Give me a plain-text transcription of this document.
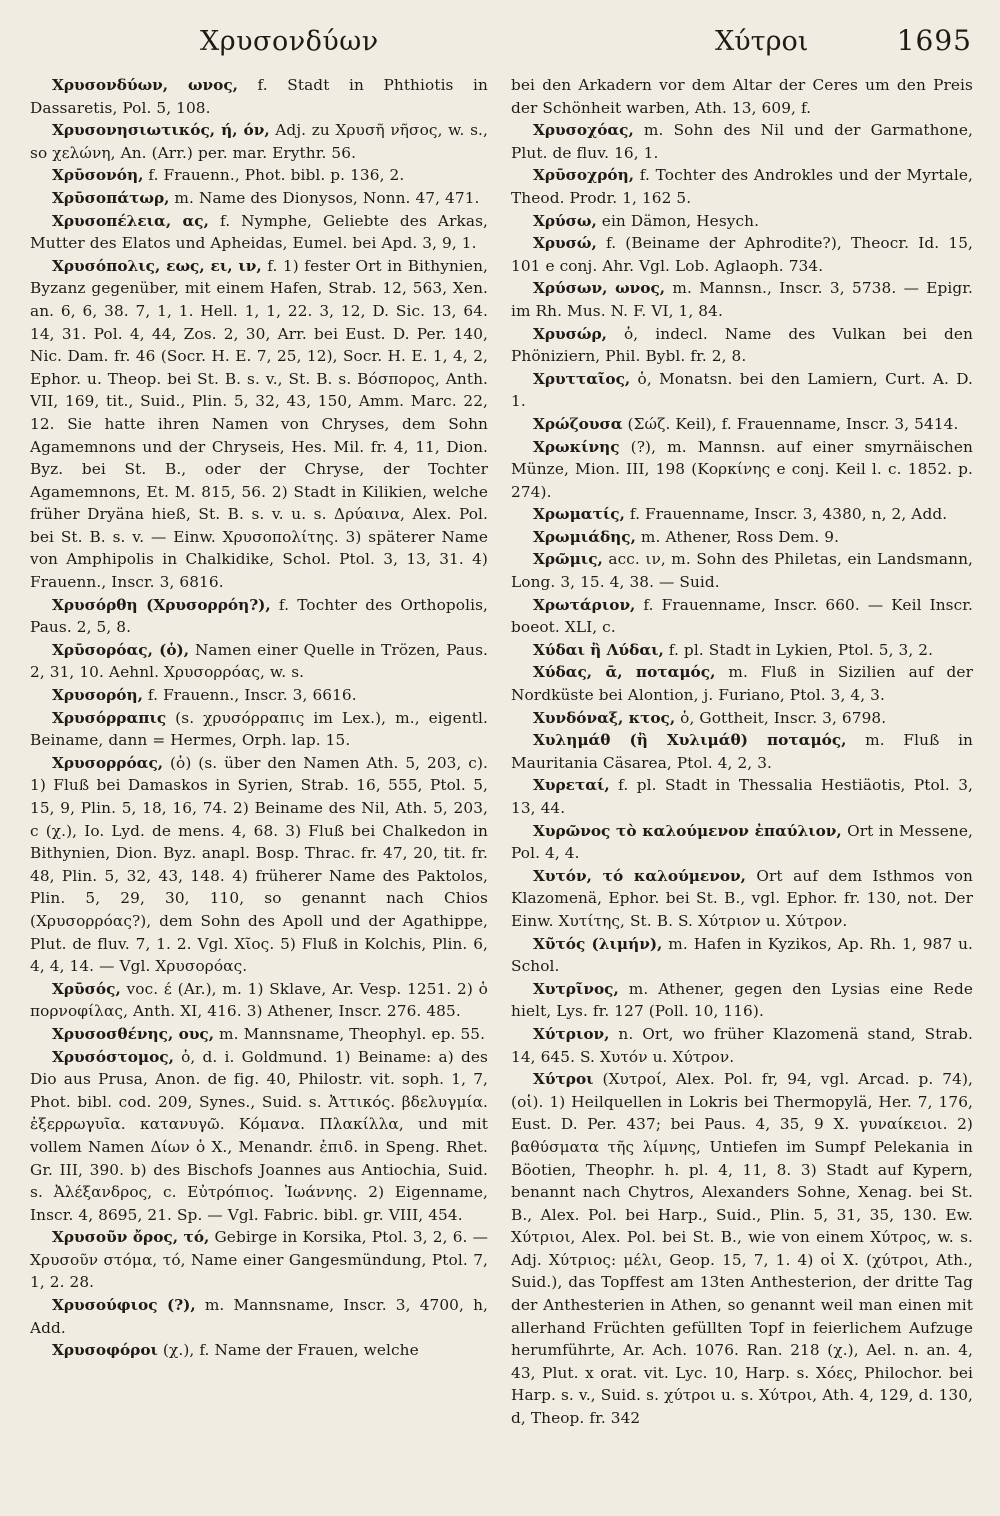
Χρυσονδύων	Χύτροι	1695

Χρυσονδύων, ωνος, f. Stadt in Phthiotis in Dassaretis, Pol. 5, 108.

Χρυσονησιωτικός, ή, όν, Adj. zu Χρυσῆ νῆσος, w. s., so χελώνη, An. (Arr.) per. mar. Erythr. 56.

Χρῡσονόη, f. Frauenn., Phot. bibl. p. 136, 2.

Χρῡσοπάτωρ, m. Name des Dionysos, Nonn. 47, 471.

Χρυσοπέλεια, ας, f. Nymphe, Geliebte des Arkas, Mutter des Elatos und Apheidas, Eumel. bei Apd. 3, 9, 1.

Χρυσόπολις, εως, ει, ιν, f. 1) fester Ort in Bithynien, Byzanz gegenüber, mit einem Hafen, Strab. 12, 563, Xen. an. 6, 6, 38. 7, 1, 1. Hell. 1, 1, 22. 3, 12, D. Sic. 13, 64. 14, 31. Pol. 4, 44, Zos. 2, 30, Arr. bei Eust. D. Per. 140, Nic. Dam. fr. 46 (Socr. H. E. 7, 25, 12), Socr. H. E. 1, 4, 2, Ephor. u. Theop. bei St. B. s. v., St. B. s. Βόσπορος, Anth. VII, 169, tit., Suid., Plin. 5, 32, 43, 150, Amm. Marc. 22, 12. Sie hatte ihren Namen von Chryses, dem Sohn Agamemnons und der Chryseis, Hes. Mil. fr. 4, 11, Dion. Byz. bei St. B., oder der Chryse, der Tochter Agamemnons, Et. M. 815, 56. 2) Stadt in Kilikien, welche früher Dryäna hieß, St. B. s. v. u. s. Δρύαινα, Alex. Pol. bei St. B. s. v. — Einw. Χρυσοπολίτης. 3) späterer Name von Amphipolis in Chalkidike, Schol. Ptol. 3, 13, 31. 4) Frauenn., Inscr. 3, 6816.

Χρυσόρθη (Χρυσορρόη?), f. Tochter des Orthopolis, Paus. 2, 5, 8.

Χρῡσορόας, (ὁ), Namen einer Quelle in Trözen, Paus. 2, 31, 10. Aehnl. Χρυσορρόας, w. s.

Χρυσορόη, f. Frauenn., Inscr. 3, 6616.

Χρυσόρραπις (s. χρυσόρραπις im Lex.), m., eigentl. Beiname, dann = Hermes, Orph. lap. 15.

Χρυσορρόας, (ὁ) (s. über den Namen Ath. 5, 203, c). 1) Fluß bei Damaskos in Syrien, Strab. 16, 555, Ptol. 5, 15, 9, Plin. 5, 18, 16, 74. 2) Beiname des Nil, Ath. 5, 203, c (χ.), Io. Lyd. de mens. 4, 68. 3) Fluß bei Chalkedon in Bithynien, Dion. Byz. anapl. Bosp. Thrac. fr. 47, 20, tit. fr. 48, Plin. 5, 32, 43, 148. 4) früherer Name des Paktolos, Plin. 5, 29, 30, 110, so genannt nach Chios (Χρυσορρόας?), dem Sohn des Apoll und der Agathippe, Plut. de fluv. 7, 1. 2. Vgl. Χῖος. 5) Fluß in Kolchis, Plin. 6, 4, 4, 14. — Vgl. Χρυσορόας.

Χρῡσός, voc. έ (Ar.), m. 1) Sklave, Ar. Vesp. 1251. 2) ὁ πορνοφίλας, Anth. XI, 416. 3) Athener, Inscr. 276. 485.

Χρυσοσθένης, ους, m. Mannsname, Theophyl. ep. 55.

Χρυσόστομος, ὁ, d. i. Goldmund. 1) Beiname: a) des Dio aus Prusa, Anon. de fig. 40, Philostr. vit. soph. 1, 7, Phot. bibl. cod. 209, Synes., Suid. s. Ἀττικός. βδελυγμία. ἐξερρωγυῖα. κατανυγῶ. Κόμανα. Πλακίλλα, und mit vollem Namen Δίων ὁ Χ., Menandr. ἐπιδ. in Speng. Rhet. Gr. III, 390. b) des Bischofs Joannes aus Antiochia, Suid. s. Ἀλέξανδρος, c. Εὐτρόπιος. Ἰωάννης. 2) Eigenname, Inscr. 4, 8695, 21. Sp. — Vgl. Fabric. bibl. gr. VIII, 454.

Χρυσοῦν ὄρος, τό, Gebirge in Korsika, Ptol. 3, 2, 6. — Χρυσοῦν στόμα, τό, Name einer Gangesmündung, Ptol. 7, 1, 2. 28.

Χρυσούφιος (?), m. Mannsname, Inscr. 3, 4700, h, Add.

Χρυσοφόροι (χ.), f. Name der Frauen, welche

bei den Arkadern vor dem Altar der Ceres um den Preis der Schönheit warben, Ath. 13, 609, f.

Χρυσοχόας, m. Sohn des Nil und der Garmathone, Plut. de fluv. 16, 1.

Χρῡσοχρόη, f. Tochter des Androkles und der Myrtale, Theod. Prodr. 1, 162 5.

Χρύσω, ein Dämon, Hesych.

Χρυσώ, f. (Beiname der Aphrodite?), Theocr. Id. 15, 101 e conj. Ahr. Vgl. Lob. Aglaoph. 734.

Χρύσων, ωνος, m. Mannsn., Inscr. 3, 5738. — Epigr. im Rh. Mus. N. F. VI, 1, 84.

Χρυσώρ, ὁ, indecl. Name des Vulkan bei den Phöniziern, Phil. Bybl. fr. 2, 8.

Χρυτταῖος, ὁ, Monatsn. bei den Lamiern, Curt. A. D. 1.

Χρώζουσα (Σώζ. Keil), f. Frauenname, Inscr. 3, 5414.

Χρωκίνης (?), m. Mannsn. auf einer smyrnäischen Münze, Mion. III, 198 (Κορκίνης e conj. Keil l. c. 1852. p. 274).

Χρωματίς, f. Frauenname, Inscr. 3, 4380, n, 2, Add.

Χρωμιάδης, m. Athener, Ross Dem. 9.

Χρῶμις, acc. ιν, m. Sohn des Philetas, ein Landsmann, Long. 3, 15. 4, 38. — Suid.

Χρωτάριον, f. Frauenname, Inscr. 660. — Keil Inscr. boeot. XLI, c.

Χύδαι ἢ Λύδαι, f. pl. Stadt in Lykien, Ptol. 5, 3, 2.

Χύδας, ᾱ, ποταμός, m. Fluß in Sizilien auf der Nordküste bei Alontion, j. Furiano, Ptol. 3, 4, 3.

Χυνδόναξ, κτος, ὁ, Gottheit, Inscr. 3, 6798.

Χυλημάθ (ἢ Χυλιμάθ) ποταμός, m. Fluß in Mauritania Cäsarea, Ptol. 4, 2, 3.

Χυρεταί, f. pl. Stadt in Thessalia Hestiäotis, Ptol. 3, 13, 44.

Χυρῶνος τὸ καλούμενον ἐπαύλιον, Ort in Messene, Pol. 4, 4.

Χυτόν, τό καλούμενον, Ort auf dem Isthmos von Klazomenä, Ephor. bei St. B., vgl. Ephor. fr. 130, not. Der Einw. Χυτίτης, St. B. S. Χύτριον u. Χύτρον.

Χῦτός (λιμήν), m. Hafen in Kyzikos, Ap. Rh. 1, 987 u. Schol.

Χυτρῖνος, m. Athener, gegen den Lysias eine Rede hielt, Lys. fr. 127 (Poll. 10, 116).

Χύτριον, n. Ort, wo früher Klazomenä stand, Strab. 14, 645. S. Χυτόν u. Χύτρον.

Χύτροι (Χυτροί, Alex. Pol. fr, 94, vgl. Arcad. p. 74), (οἱ). 1) Heilquellen in Lokris bei Thermopylä, Her. 7, 176, Eust. D. Per. 437; bei Paus. 4, 35, 9 X. γυναίκειοι. 2) βαθύσματα τῆς λίμνης, Untiefen im Sumpf Pelekania in Böotien, Theophr. h. pl. 4, 11, 8. 3) Stadt auf Kypern, benannt nach Chytros, Alexanders Sohne, Xenag. bei St. B., Alex. Pol. bei Harp., Suid., Plin. 5, 31, 35, 130. Ew. Χύτριοι, Alex. Pol. bei St. B., wie von einem Χύτρος, w. s. Adj. Χύτριος: μέλι, Geop. 15, 7, 1. 4) οἱ X. (χύτροι, Ath., Suid.), das Topffest am 13ten Anthesterion, der dritte Tag der Anthesterien in Athen, so genannt weil man einen mit allerhand Früchten gefüllten Topf in feierlichem Aufzuge herumführte, Ar. Ach. 1076. Ran. 218 (χ.), Ael. n. an. 4, 43, Plut. x orat. vit. Lyc. 10, Harp. s. Χόες, Philochor. bei Harp. s. v., Suid. s. χύτροι u. s. Χύτροι, Ath. 4, 129, d. 130, d, Theop. fr. 342
